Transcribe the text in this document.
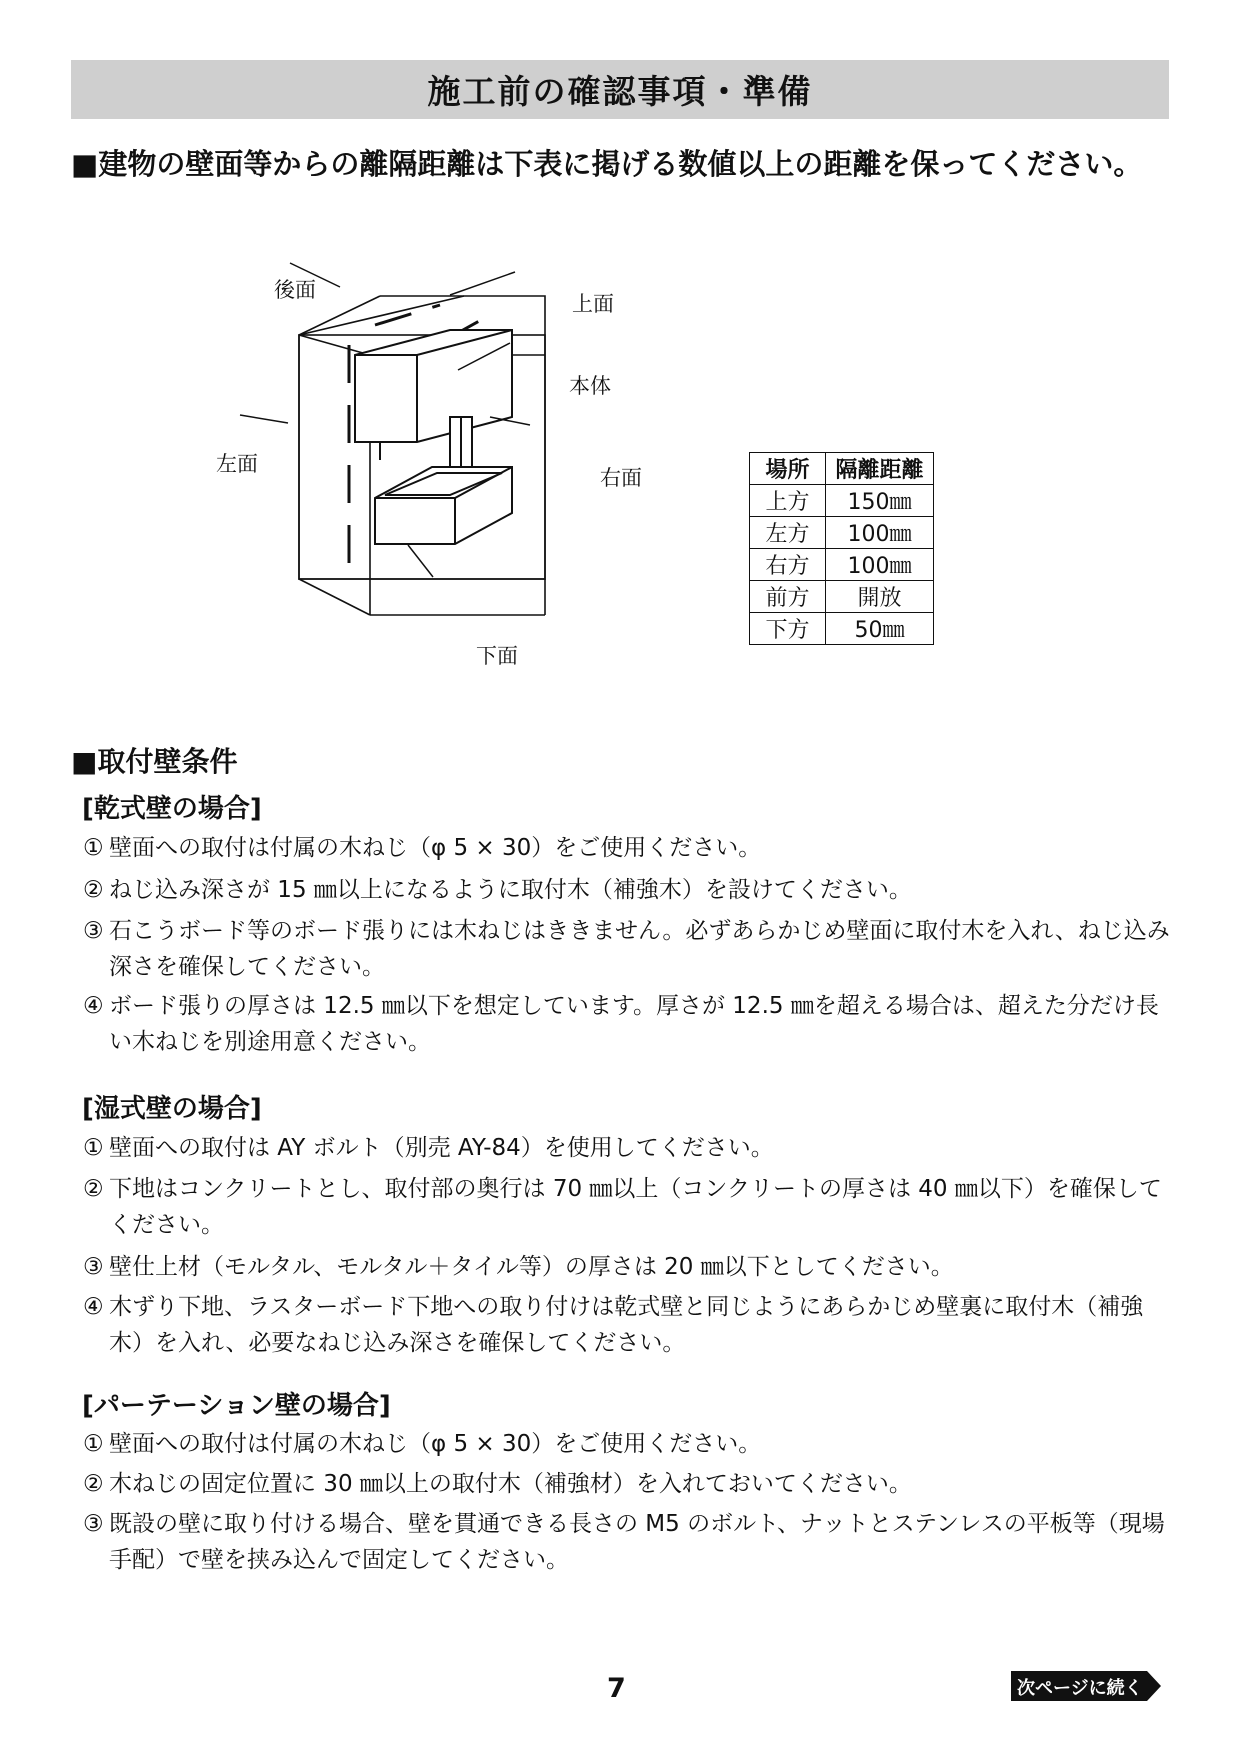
施工前の確認事項・準備
■建物の壁面等からの離隔距離は下表に掲げる数値以上の距離を保ってください。
後面
上面
本体
左面
右面
下面
場所	隔離距離
上方	150㎜
左方	100㎜
右方	100㎜
前方	開放
下方	50㎜
■取付壁条件
[乾式壁の場合]
① 壁面への取付は付属の木ねじ（φ 5 × 30）をご使用ください。
② ねじ込み深さが 15 ㎜以上になるように取付木（補強木）を設けてください。
③ 石こうボード等のボード張りには木ねじはききません。必ずあらかじめ壁面に取付木を入れ、ねじ込み深さを確保してください。
④ ボード張りの厚さは 12.5 ㎜以下を想定しています。厚さが 12.5 ㎜を超える場合は、超えた分だけ長い木ねじを別途用意ください。
[湿式壁の場合]
① 壁面への取付は AY ボルト（別売 AY-84）を使用してください。
② 下地はコンクリートとし、取付部の奥行は 70 ㎜以上（コンクリートの厚さは 40 ㎜以下）を確保してください。
③ 壁仕上材（モルタル、モルタル＋タイル等）の厚さは 20 ㎜以下としてください。
④ 木ずり下地、ラスターボード下地への取り付けは乾式壁と同じようにあらかじめ壁裏に取付木（補強木）を入れ、必要なねじ込み深さを確保してください。
[パーテーション壁の場合]
① 壁面への取付は付属の木ねじ（φ 5 × 30）をご使用ください。
② 木ねじの固定位置に 30 ㎜以上の取付木（補強材）を入れておいてください。
③ 既設の壁に取り付ける場合、壁を貫通できる長さの M5 のボルト、ナットとステンレスの平板等（現場手配）で壁を挟み込んで固定してください。
7	次ページに続く
